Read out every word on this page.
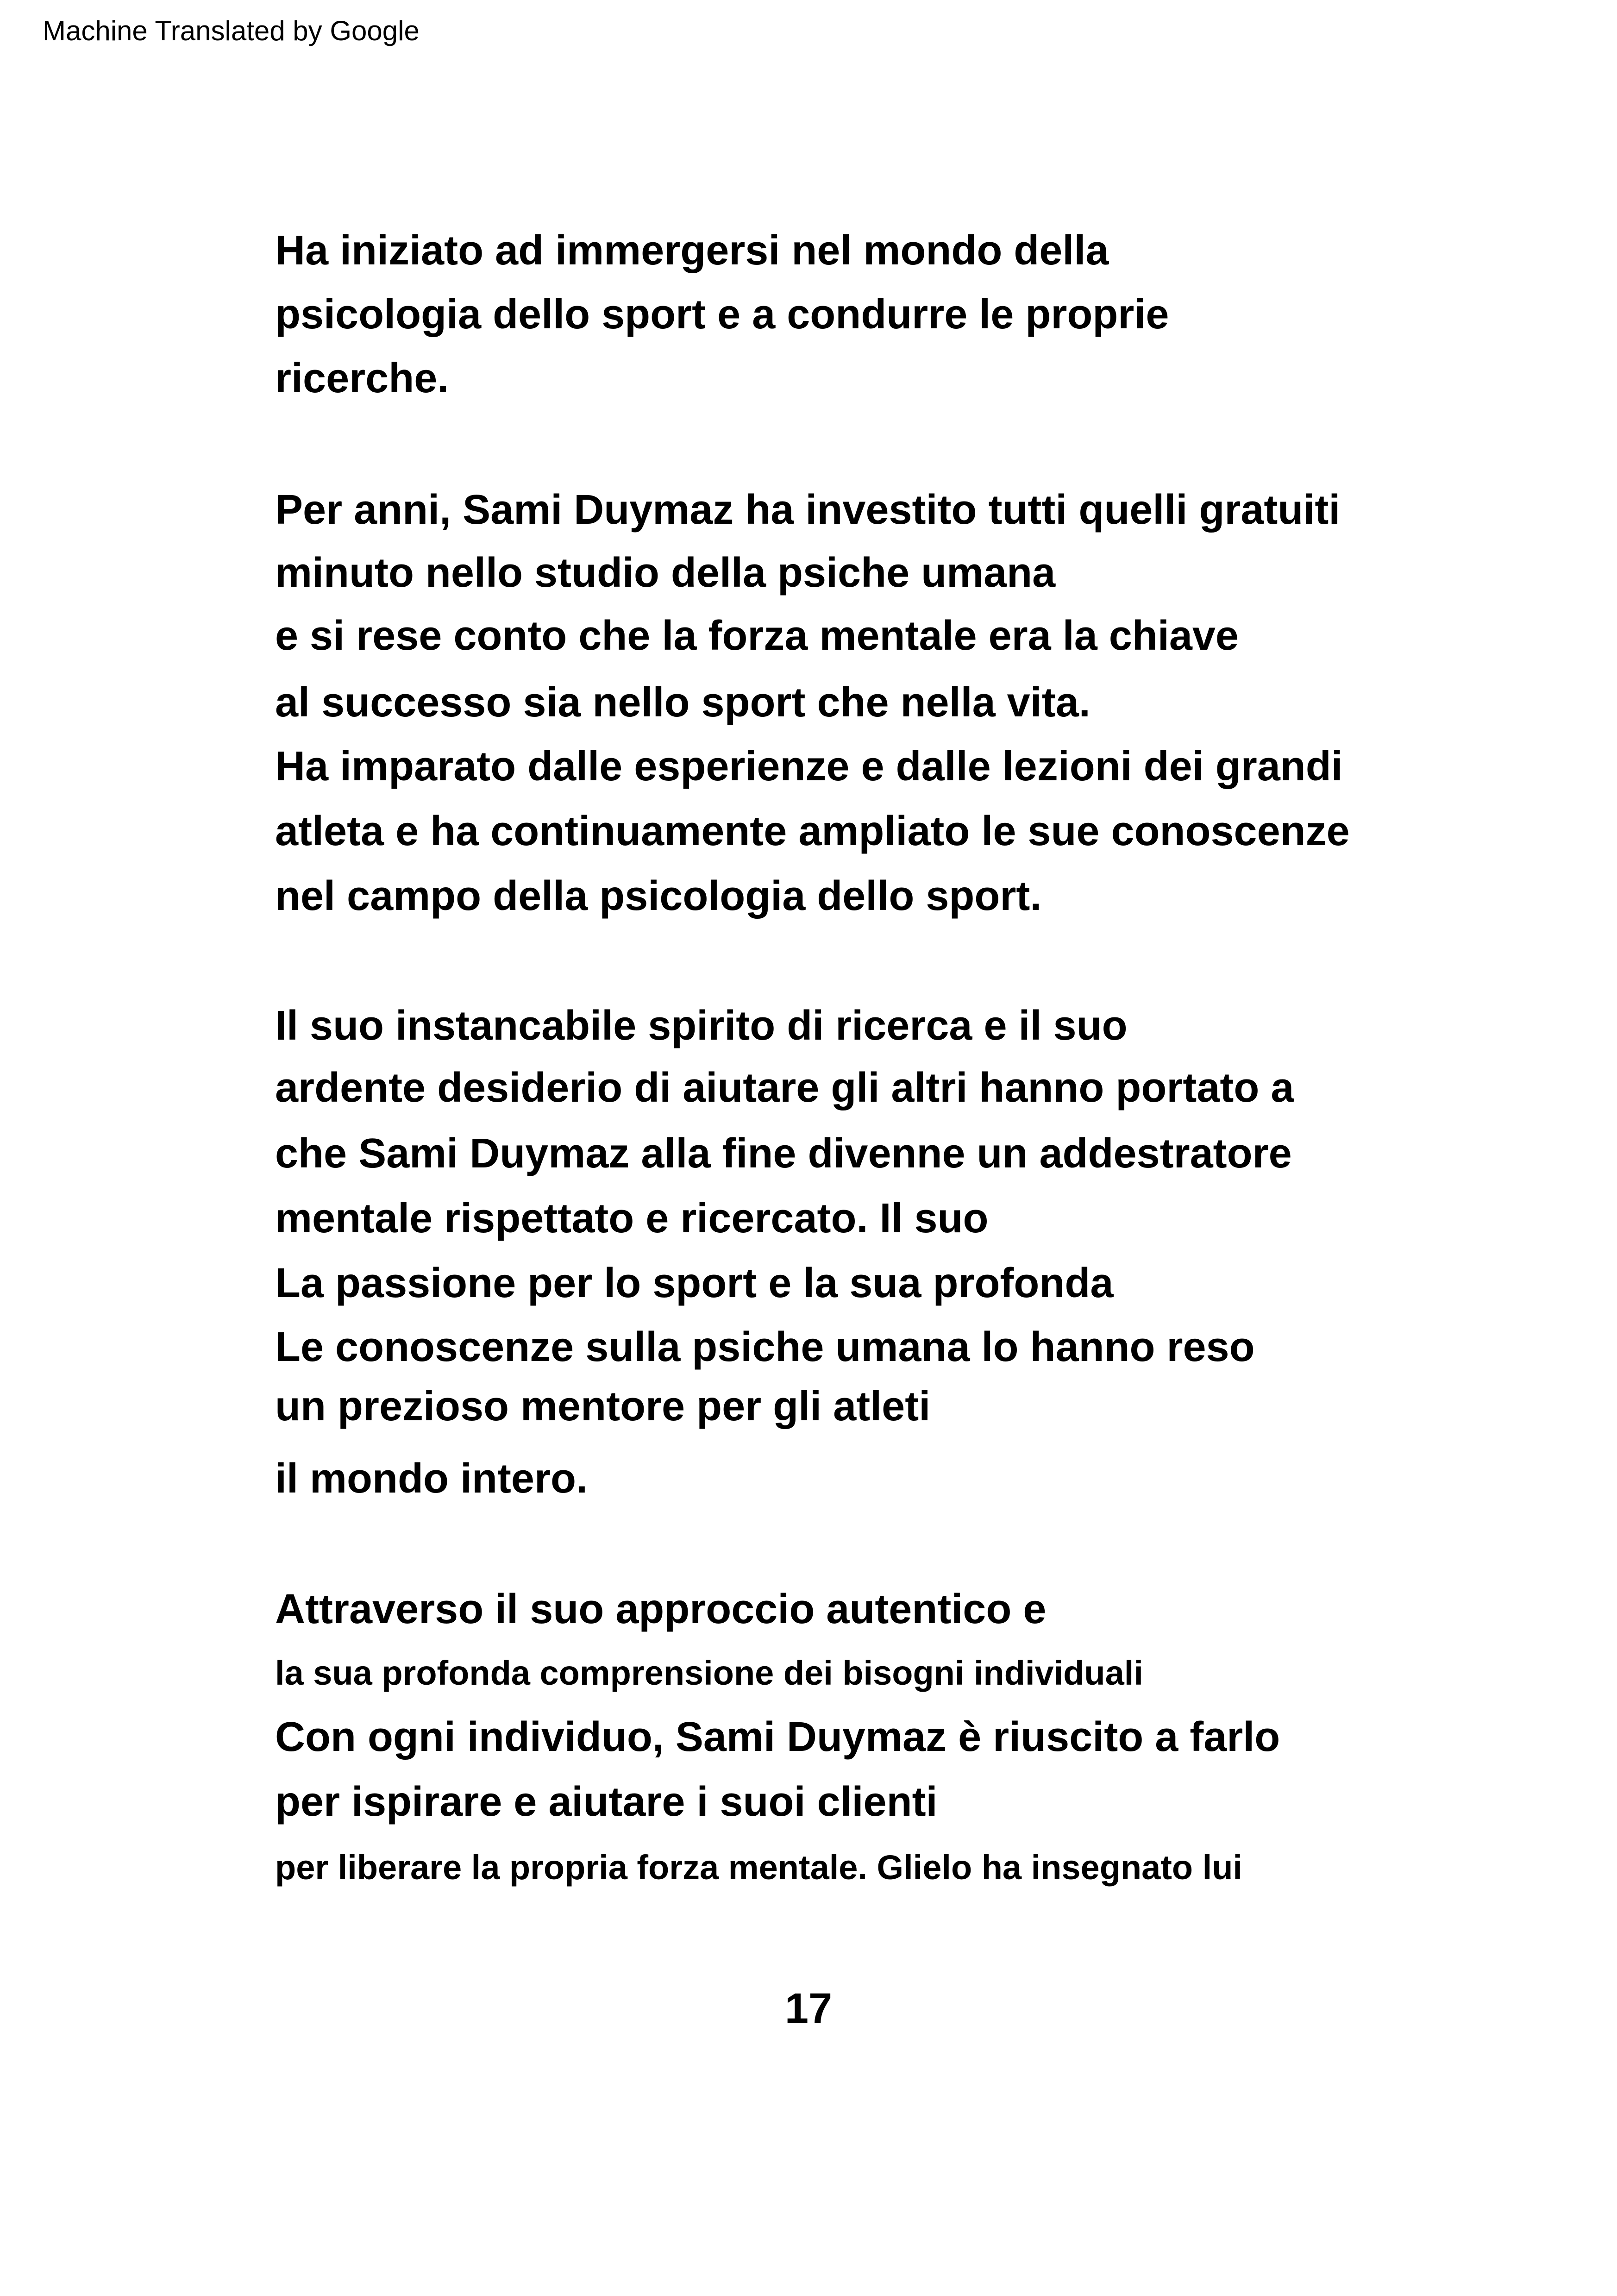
Machine Translated by Google
Ha iniziato ad immergersi nel mondo della
psicologia dello sport e a condurre le proprie
ricerche.
Per anni, Sami Duymaz ha investito tutti quelli gratuiti
minuto nello studio della psiche umana
e si rese conto che la forza mentale era la chiave
al successo sia nello sport che nella vita.
Ha imparato dalle esperienze e dalle lezioni dei grandi
atleta e ha continuamente ampliato le sue conoscenze
nel campo della psicologia dello sport.
Il suo instancabile spirito di ricerca e il suo
ardente desiderio di aiutare gli altri hanno portato a
che Sami Duymaz alla fine divenne un addestratore
mentale rispettato e ricercato. Il suo
La passione per lo sport e la sua profonda
Le conoscenze sulla psiche umana lo hanno reso
un prezioso mentore per gli atleti
il mondo intero.
Attraverso il suo approccio autentico e
la sua profonda comprensione dei bisogni individuali
Con ogni individuo, Sami Duymaz è riuscito a farlo
per ispirare e aiutare i suoi clienti
per liberare la propria forza mentale. Glielo ha insegnato lui
17
